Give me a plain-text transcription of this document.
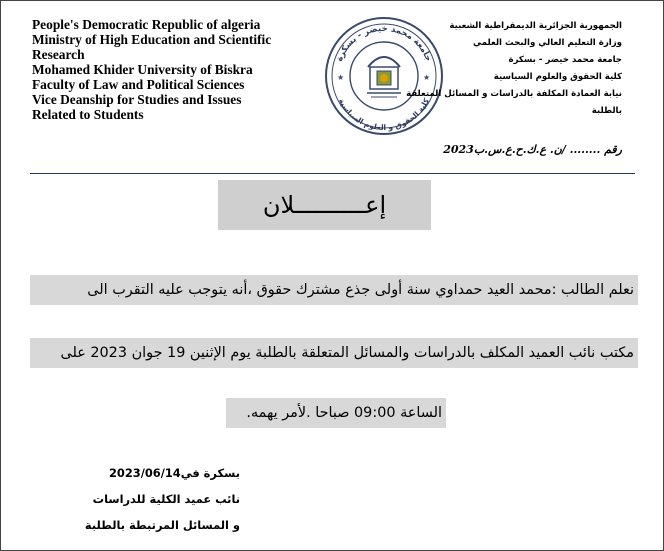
People's Democratic Republic of algeria
Ministry of High Education and Scientific
Research
Mohamed Khider University of Biskra
Faculty of Law and Political Sciences
Vice Deanship for Studies and Issues
Related to Students
جامعة محمد خيضر - بسكرة
كلية الحقوق و العلوم السياسية
★	★
الجمهورية الجزائرية الديمقراطية الشعبية
وزارة التعليم العالي والبحث العلمي
جامعة محمد خيضر - بسكرة
كلية الحقوق والعلوم السياسية
نيابة العمادة المكلفة بالدراسات و المسائل المتعلقة
بالطلبة
رقم ........ /ن. ع.ك.ح.ع.س.ب2023
إعــــــــــلان
نعلم الطالب :محمد العيد حمداوي سنة أولى جذع مشترك حقوق ،أنه يتوجب عليه التقرب الى
مكتب نائب العميد المكلف بالدراسات والمسائل المتعلقة بالطلبة يوم الإثنين 19 جوان 2023 على
الساعة 09:00 صباحا .لأمر يهمه.
بسكرة في2023/06/14
نائب عميد الكلية للدراسات
و المسائل المرتبطة بالطلبة
